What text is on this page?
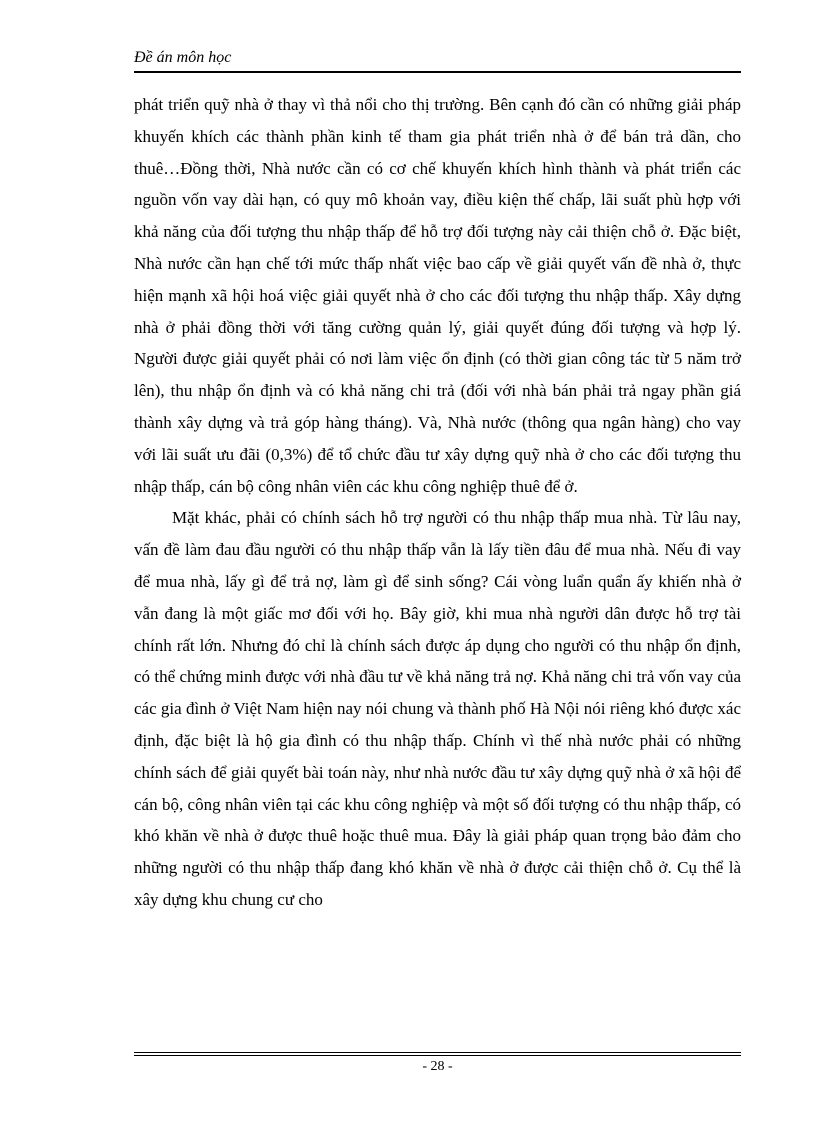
Đề án môn học

phát triển quỹ nhà ở thay vì thả nổi cho thị trường. Bên cạnh đó cần có những giải pháp khuyến khích các thành phần kinh tế tham gia phát triển nhà ở để bán trả dần, cho thuê…Đồng thời, Nhà nước cần có cơ chế khuyến khích hình thành và phát triển các nguồn vốn vay dài hạn, có quy mô khoản vay, điều kiện thế chấp, lãi suất phù hợp với khả năng của đối tượng thu nhập thấp để hỗ trợ đối tượng này cải thiện chỗ ở. Đặc biệt, Nhà nước cần hạn chế tới mức thấp nhất việc bao cấp về giải quyết vấn đề nhà ở, thực hiện mạnh xã hội hoá việc giải quyết nhà ở cho các đối tượng thu nhập thấp. Xây dựng nhà ở phải đồng thời với tăng cường quản lý, giải quyết đúng đối tượng và hợp lý. Người được giải quyết phải có nơi làm việc ổn định (có thời gian công tác từ 5 năm trở lên), thu nhập ổn định và có khả năng chi trả (đối với nhà bán phải trả ngay phần giá thành xây dựng và trả góp hàng tháng). Và, Nhà nước (thông qua ngân hàng) cho vay với lãi suất ưu đãi (0,3%) để tổ chức đầu tư xây dựng quỹ nhà ở cho các đối tượng thu nhập thấp, cán bộ công nhân viên các khu công nghiệp thuê để ở.

Mặt khác, phải có chính sách hỗ trợ người có thu nhập thấp mua nhà. Từ lâu nay, vấn đề làm đau đầu người có thu nhập thấp vẫn là lấy tiền đâu để mua nhà. Nếu đi vay để mua nhà, lấy gì để trả nợ, làm gì để sinh sống? Cái vòng luẩn quẩn ấy khiến nhà ở vẫn đang là một giấc mơ đối với họ. Bây giờ, khi mua nhà người dân được hỗ trợ tài chính rất lớn. Nhưng đó chỉ là chính sách được áp dụng cho người có thu nhập ổn định, có thể chứng minh được với nhà đầu tư về khả năng trả nợ. Khả năng chi trả vốn vay của các gia đình ở Việt Nam hiện nay nói chung và thành phố Hà Nội nói riêng khó được xác định, đặc biệt là hộ gia đình có thu nhập thấp. Chính vì thế nhà nước phải có những chính sách để giải quyết bài toán này, như nhà nước đầu tư xây dựng quỹ nhà ở xã hội để cán bộ, công nhân viên tại các khu công nghiệp và một số đối tượng có thu nhập thấp, có khó khăn về nhà ở được thuê hoặc thuê mua. Đây là giải pháp quan trọng bảo đảm cho những người có thu nhập thấp đang khó khăn về nhà ở được cải thiện chỗ ở. Cụ thể là xây dựng khu chung cư cho

- 28 -
